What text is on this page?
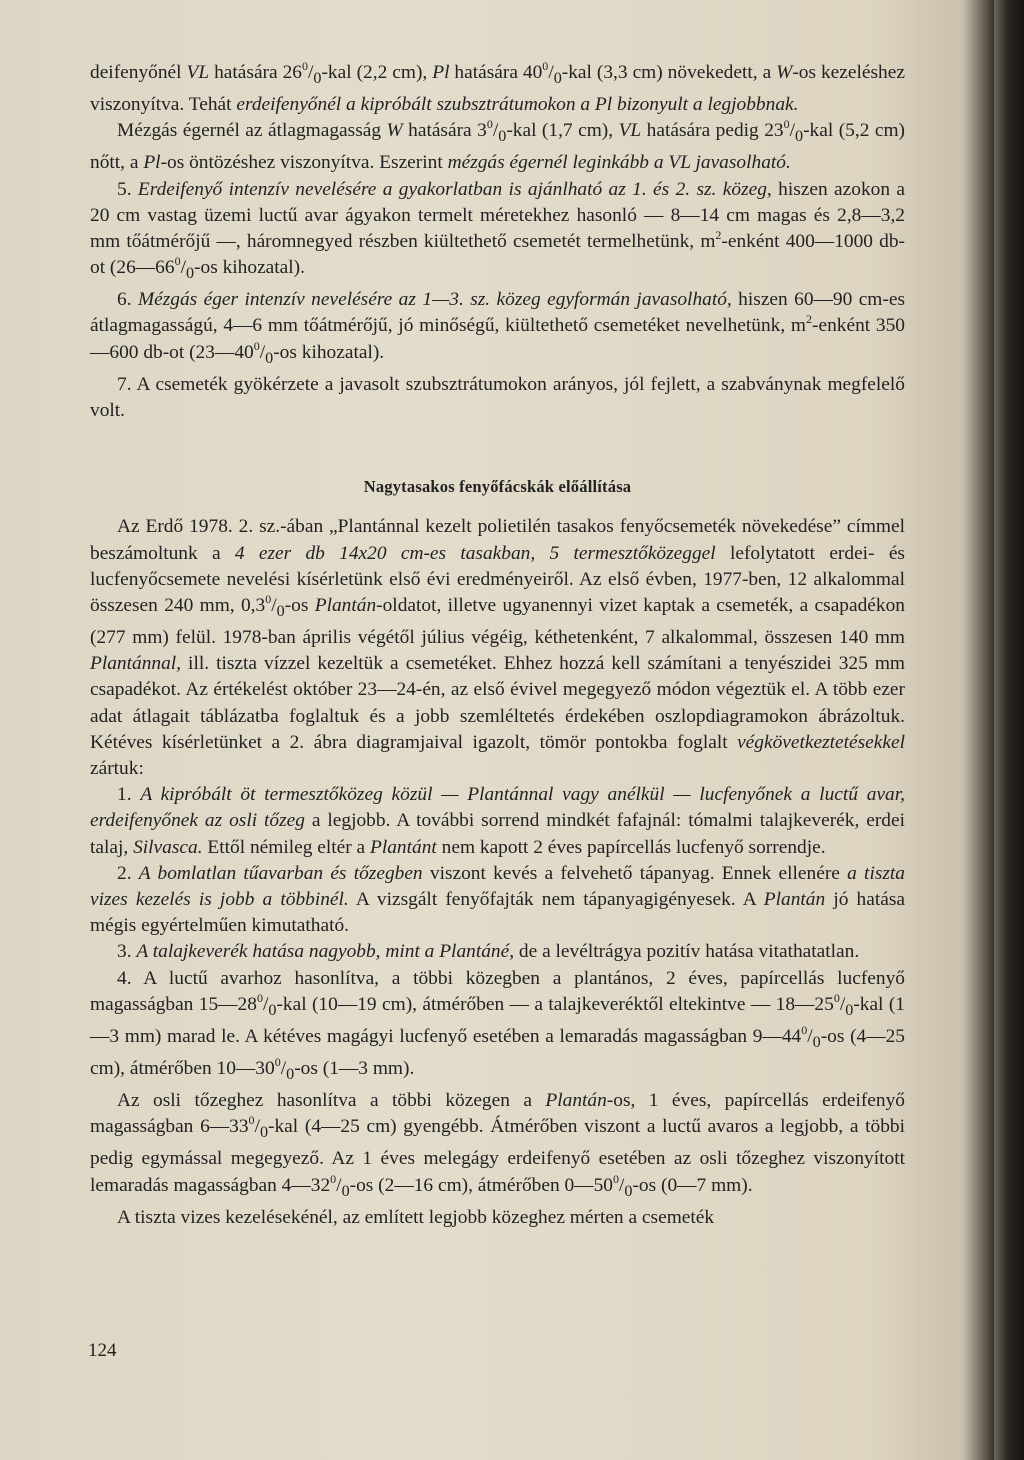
deifenyőnél VL hatására $26^0/_0$-kal (2,2 cm), Pl hatására $40^0/_0$-kal (3,3 cm) növekedett, a W-os kezeléshez viszonyítva. Tehát erdeifenyőnél a kipróbált szubsztrátumokon a Pl bizonyult a legjobbnak.

Mézgás égernél az átlagmagasság W hatására $3^0/_0$-kal (1,7 cm), VL hatására pedig $23^0/_0$-kal (5,2 cm) nőtt, a Pl-os öntözéshez viszonyítva. Eszerint mézgás égernél leginkább a VL javasolható.

5. Erdeifenyő intenzív nevelésére a gyakorlatban is ajánlható az 1. és 2. sz. közeg, hiszen azokon a 20 cm vastag üzemi luctű avar ágyakon termelt méretekhez hasonló — 8—14 cm magas és 2,8—3,2 mm tőátmérőjű —, háromnegyed részben kiültethető csemetét termelhetünk, $m^2$-enként 400—1000 db-ot ($26—66^0/_0-os$ kihozatal).

6. Mézgás éger intenzív nevelésére az 1—3. sz. közeg egyformán javasolható, hiszen 60—90 cm-es átlagmagasságú, 4—6 mm tőátmérőjű, jó minőségű, kiültethető csemetéket nevelhetünk, $m^2$-enként 350—600 db-ot ($23—40^0/_0-os$ kihozatal).

7. A csemeték gyökérzete a javasolt szubsztrátumokon arányos, jól fejlett, a szabványnak megfelelő volt.

Nagytasakos fenyőfácskák előállítása

Az Erdő 1978. 2. sz.-ában „Plantánnal kezelt polietilén tasakos fenyőcsemeték növekedése” címmel beszámoltunk a 4 ezer db 14x20 cm-es tasakban, 5 termesztőközeggel lefolytatott erdei- és lucfenyőcsemete nevelési kísérletünk első évi eredményeiről. Az első évben, 1977-ben, 12 alkalommal összesen 240 mm, $0,3^0/_0-os$ Plantán-oldatot, illetve ugyanennyi vizet kaptak a csemeték, a csapadékon (277 mm) felül. 1978-ban április végétől július végéig, kéthetenként, 7 alkalommal, összesen 140 mm Plantánnal, ill. tiszta vízzel kezeltük a csemetéket. Ehhez hozzá kell számítani a tenyészidei 325 mm csapadékot. Az értékelést október 23—24-én, az első évivel megegyező módon végeztük el. A több ezer adat átlagait táblázatba foglaltuk és a jobb szemléltetés érdekében oszlopdiagramokon ábrázoltuk. Kétéves kísérletünket a 2. ábra diagramjaival igazolt, tömör pontokba foglalt végkövetkeztetésekkel zártuk:

1. A kipróbált öt termesztőközeg közül — Plantánnal vagy anélkül — lucfenyőnek a luctű avar, erdeifenyőnek az osli tőzeg a legjobb. A további sorrend mindkét fafajnál: tómalmi talajkeverék, erdei talaj, Silvasca. Ettől némileg eltér a Plantánt nem kapott 2 éves papírcellás lucfenyő sorrendje.

2. A bomlatlan tűavarban és tőzegben viszont kevés a felvehető tápanyag. Ennek ellenére a tiszta vizes kezelés is jobb a többinél. A vizsgált fenyőfajták nem tápanyagigényesek. A Plantán jó hatása mégis egyértelműen kimutatható.

3. A talajkeverék hatása nagyobb, mint a Plantáné, de a levéltrágya pozitív hatása vitathatatlan.

4. A luctű avarhoz hasonlítva, a többi közegben a plantános, 2 éves, papírcellás lucfenyő magasságban $15—28^0/_0$-kal (10—19 cm), átmérőben — a talajkeveréktől eltekintve — $18—25^0/_0$-kal (1—3 mm) marad le. A kétéves magágyi lucfenyő esetében a lemaradás magasságban $9—44^0/_0-os$ (4—25 cm), átmérőben $10—30^0/_0-os$ (1—3 mm).

Az osli tőzeghez hasonlítva a többi közegen a Plantán-os, 1 éves, papírcellás erdeifenyő magasságban $6—33^0/_0$-kal (4—25 cm) gyengébb. Átmérőben viszont a luctű avaros a legjobb, a többi pedig egymással megegyező. Az 1 éves melegágy erdeifenyő esetében az osli tőzeghez viszonyított lemaradás magasságban $4—32^0/_0-os$ (2—16 cm), átmérőben $0—50^0/_0-os$ (0—7 mm).

A tiszta vizes kezelésekénél, az említett legjobb közeghez mérten a csemeték

124
